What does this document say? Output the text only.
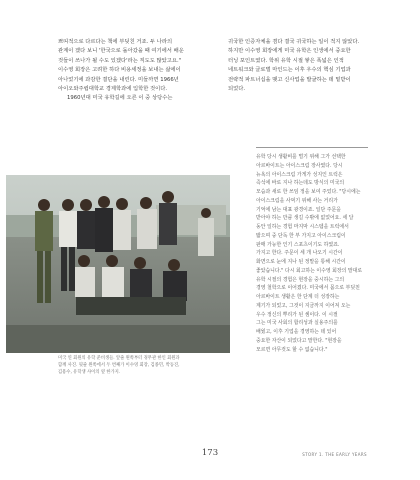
쁘띠적으로 다르다는 책에 부딪친 거죠. 두 나라의

관계이 겠다 보니 '한국으로 돌아갔을 때 여기에서 배운

것들이 쓰나가 될 수도 있겠다'라는 직도도 많았고요."

이수영 회장은 고려한 하다 비용세정을 보내는 삶에이

아나었기에 과감한 결단을 내린다. 미들까면 1966년

아이오와주립대학교 경제학과에 입학한 것이다.

1960년대 미국 유학길에 오른 이 중 상당수는

귀국한 인증자체을 겸다 결국 귀국하는 일이 적지 않았다.

하지만 이수영 회장에게 미국 유학은 인생에서 중요한

터닝 포인트였다. 학위 유학 시절 쌓은 폭넓은 인적

네트워크와 글로벌 마인드는 이후 우수의 핵심 기업과

전략적 파트너십을 맺고 신사업을 발굴하는 데 밑받이

되었다.

미국 연 회원의 유학 준비생들. 앞줄 왼쪽부터 경무관 한인 회원과
함께 사진. 뒷줄 왼쪽에서 두 번째가 이수영 회장, 김종민, 박동진,
김용수, 유학생 사이의 옆 한가지.
유학 당시 생활비를 벌기 위해 그가 선택한
아르바이트는 아이스크림 장사였다. 당시
뉴욕의 아이스크림 가게가 성지인 트럭은
즉석에 바로 지나 하는데도 방식의 미국의
모습과 새로 한 쓰임 정을 보여 주었다. "당시에는
아이스크림을 사먹기 위해 사는 거리가
기억에 남는 대표 광경이죠. 일단 주문을
받아야 하는 만큼 생길 수밖에 없었어요. 세 달
동안 일하는 경험 마지막 시스템을 트럭에서
밟으며 중 단독 한 부 가지고 아이스크림이
판매 가능한 인기 스포츠이기도 하였죠.
가지고 한다. 주문이 세 개 나오기 시간이
화면으로 눈에 지나 된 정말을 통해 시간이
좋았습니다." 다시 회고하는 이수영 회장의 말대로
유학 시절의 경험은 현장을 중시하는 그의
경영 철학으로 이어졌다. 미국에서 몸으로 부딪친
아르바이트 생활은 한 단계 더 성장하는
계기가 되었고, 그것이 지금까지 이어져 오는
우수 정신의 뿌리가 된 셈이다. 이 시절
그는 미국 사회의 합리성과 실용주의를
배웠고, 이후 기업을 경영하는 데 있어
중요한 자산이 되었다고 말한다. "현장을
모르면 아무것도 할 수 없습니다."
173	STORY 1. THE EARLY YEARS
